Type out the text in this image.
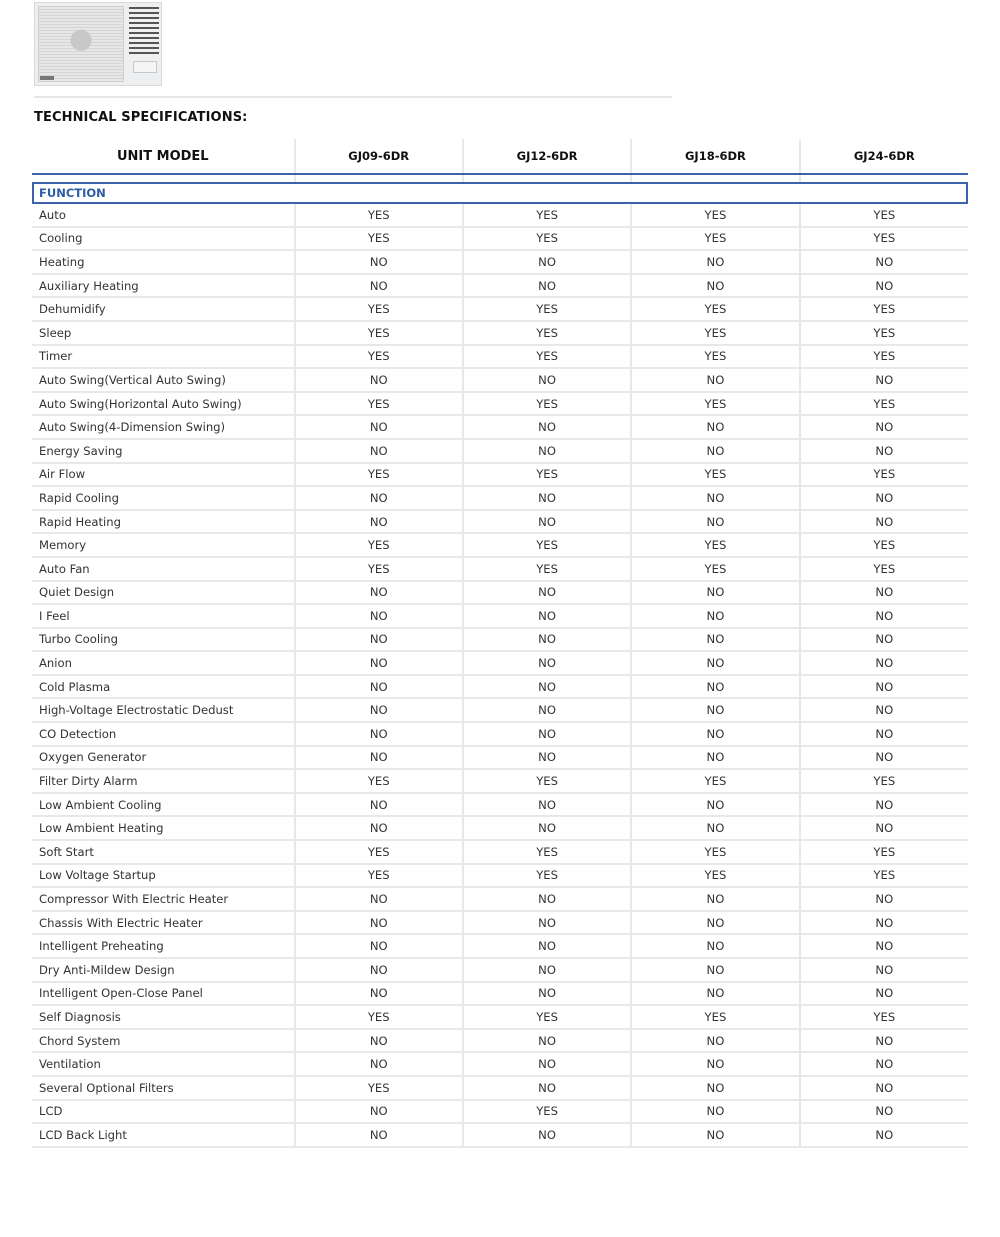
TECHNICAL SPECIFICATIONS:
UNIT MODEL	GJ09-6DR	GJ12-6DR	GJ18-6DR	GJ24-6DR

FUNCTION				

Auto	YES	YES	YES	YES
Cooling	YES	YES	YES	YES
Heating	NO	NO	NO	NO
Auxiliary Heating	NO	NO	NO	NO
Dehumidify	YES	YES	YES	YES
Sleep	YES	YES	YES	YES
Timer	YES	YES	YES	YES
Auto Swing(Vertical Auto Swing)	NO	NO	NO	NO
Auto Swing(Horizontal Auto Swing)	YES	YES	YES	YES
Auto Swing(4-Dimension Swing)	NO	NO	NO	NO
Energy Saving	NO	NO	NO	NO
Air Flow	YES	YES	YES	YES
Rapid Cooling	NO	NO	NO	NO
Rapid Heating	NO	NO	NO	NO
Memory	YES	YES	YES	YES
Auto Fan	YES	YES	YES	YES
Quiet Design	NO	NO	NO	NO
I Feel	NO	NO	NO	NO
Turbo Cooling	NO	NO	NO	NO
Anion	NO	NO	NO	NO
Cold Plasma	NO	NO	NO	NO
High-Voltage Electrostatic Dedust	NO	NO	NO	NO
CO Detection	NO	NO	NO	NO
Oxygen Generator	NO	NO	NO	NO
Filter Dirty Alarm	YES	YES	YES	YES
Low Ambient Cooling	NO	NO	NO	NO
Low Ambient Heating	NO	NO	NO	NO
Soft Start	YES	YES	YES	YES
Low Voltage Startup	YES	YES	YES	YES
Compressor With Electric Heater	NO	NO	NO	NO
Chassis With Electric Heater	NO	NO	NO	NO
Intelligent Preheating	NO	NO	NO	NO
Dry Anti-Mildew Design	NO	NO	NO	NO
Intelligent Open-Close Panel	NO	NO	NO	NO
Self Diagnosis	YES	YES	YES	YES
Chord System	NO	NO	NO	NO
Ventilation	NO	NO	NO	NO
Several Optional Filters	YES	NO	NO	NO
LCD	NO	YES	NO	NO
LCD Back Light	NO	NO	NO	NO
